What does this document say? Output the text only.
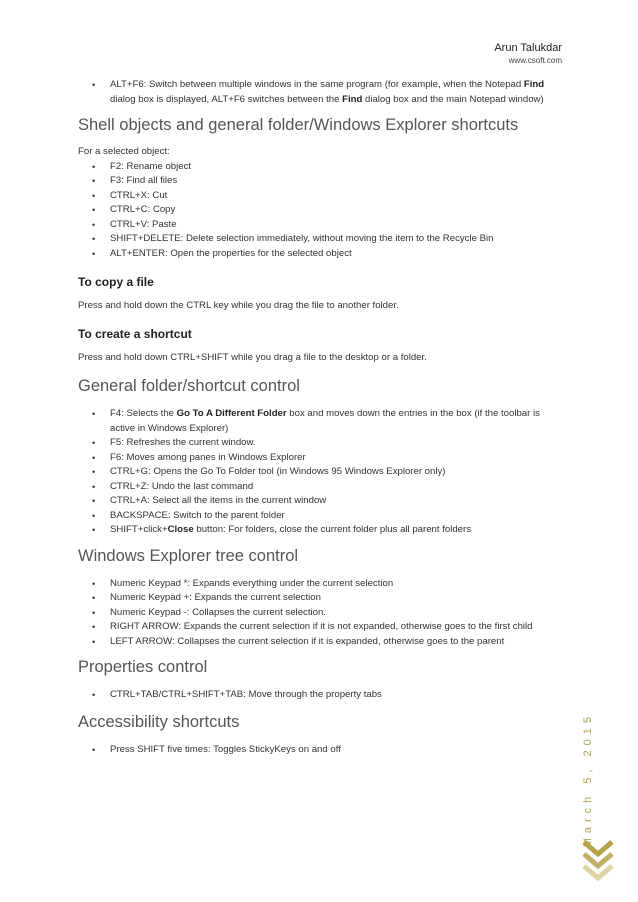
Arun Talukdar
www.csoft.com
• ALT+F6: Switch between multiple windows in the same program (for example, when the Notepad Find dialog box is displayed, ALT+F6 switches between the Find dialog box and the main Notepad window)
Shell objects and general folder/Windows Explorer shortcuts

For a selected object:

• F2: Rename object
• F3: Find all files
• CTRL+X: Cut
• CTRL+C: Copy
• CTRL+V: Paste
• SHIFT+DELETE: Delete selection immediately, without moving the item to the Recycle Bin
• ALT+ENTER: Open the properties for the selected object
To copy a file

Press and hold down the CTRL key while you drag the file to another folder.

To create a shortcut

Press and hold down CTRL+SHIFT while you drag a file to the desktop or a folder.

General folder/shortcut control
• F4: Selects the Go To A Different Folder box and moves down the entries in the box (if the toolbar is active in Windows Explorer)
• F5: Refreshes the current window.
• F6: Moves among panes in Windows Explorer
• CTRL+G: Opens the Go To Folder tool (in Windows 95 Windows Explorer only)
• CTRL+Z: Undo the last command
• CTRL+A: Select all the items in the current window
• BACKSPACE: Switch to the parent folder
• SHIFT+click+Close button: For folders, close the current folder plus all parent folders
Windows Explorer tree control
• Numeric Keypad *: Expands everything under the current selection
• Numeric Keypad +: Expands the current selection
• Numeric Keypad -: Collapses the current selection.
• RIGHT ARROW: Expands the current selection if it is not expanded, otherwise goes to the first child
• LEFT ARROW: Collapses the current selection if it is expanded, otherwise goes to the parent
Properties control
• CTRL+TAB/CTRL+SHIFT+TAB: Move through the property tabs
Accessibility shortcuts
• Press SHIFT five times: Toggles StickyKeys on and off	March 5, 2015
